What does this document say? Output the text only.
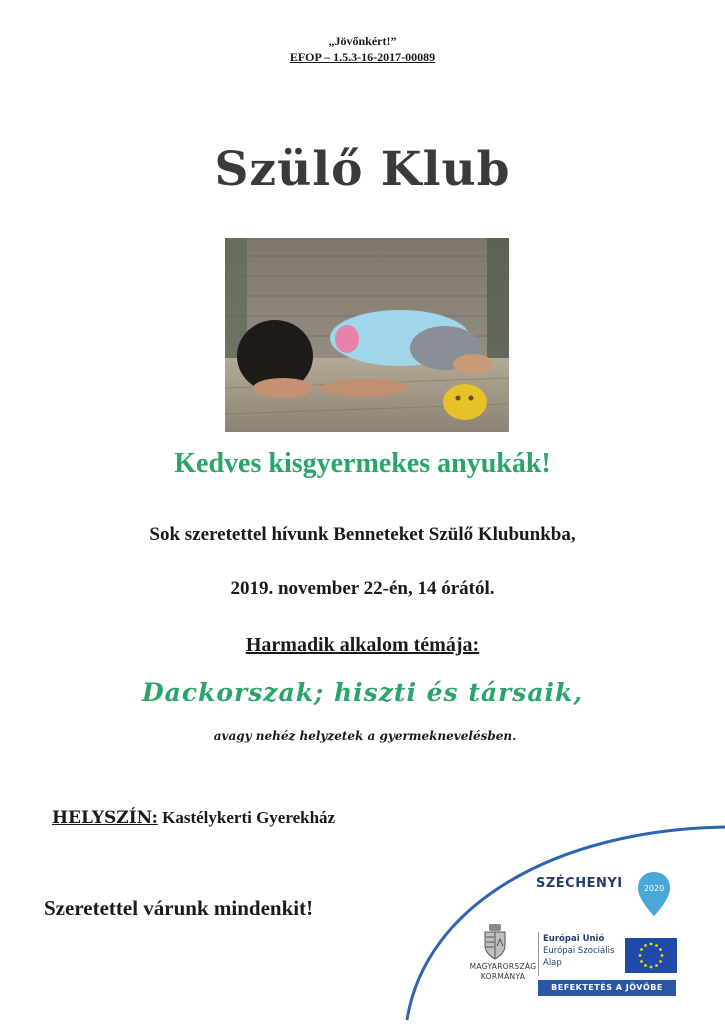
„Jövőnkért!”
EFOP – 1.5.3-16-2017-00089
Szülő Klub
Kedves kisgyermekes anyukák!
Sok szeretettel hívunk Benneteket Szülő Klubunkba,
2019. november 22-én, 14 órától.
Harmadik alkalom témája:
Dackorszak; hiszti és társaik,
avagy nehéz helyzetek a gyermeknevelésben.
HELYSZÍN: Kastélykerti Gyerekház
Szeretettel várunk mindenkit!
SZÉCHENYI	2020
MAGYARORSZÁG
KORMÁNYA
Európai Unió
Európai Szociális
Alap
BEFEKTETÉS A JÖVŐBE
